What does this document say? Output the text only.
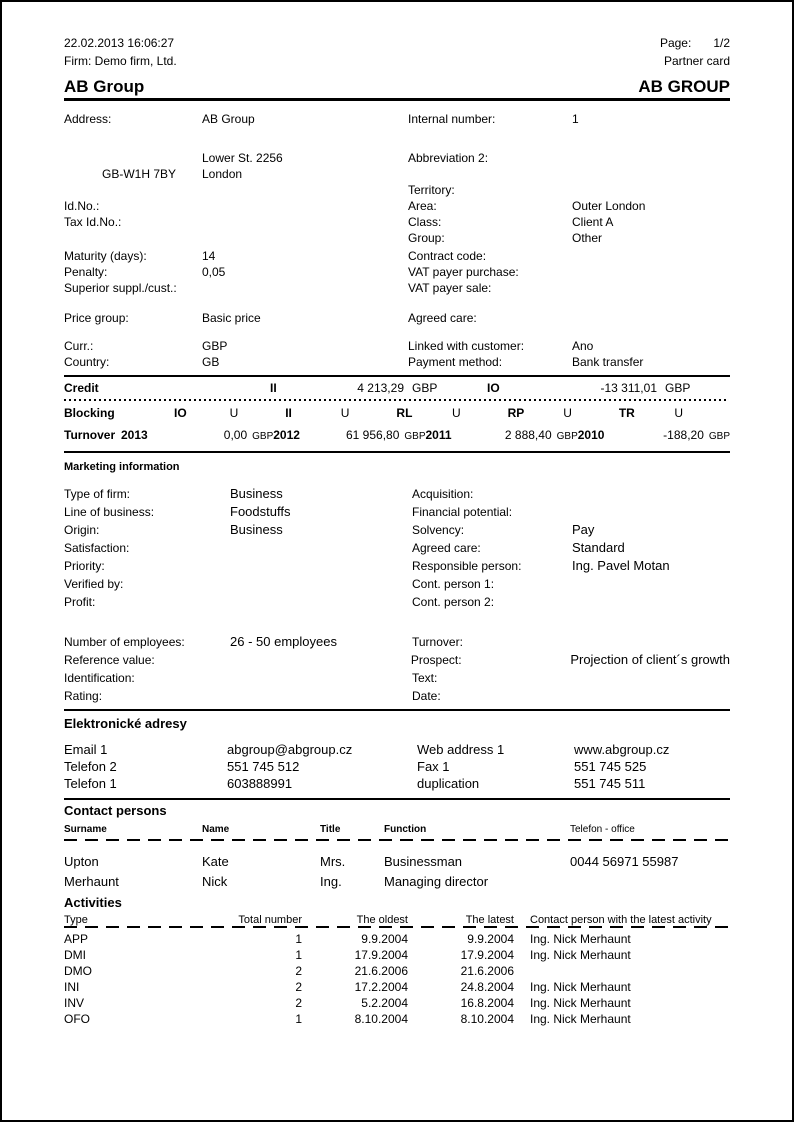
22.02.2013 16:06:27	Page: 1/2
Firm: Demo firm, Ltd.	Partner card
AB Group	AB GROUP
Address:	AB Group	Internal number:	1
Lower St. 2256	Abbreviation 2:
GB-W1H 7BY	London
Territory:
Id.No.:	Area:	Outer London
Tax Id.No.:	Class:	Client A
Group:	Other
Maturity (days):	14	Contract code:
Penalty:	0,05	VAT payer purchase:
Superior suppl./cust.:	VAT payer sale:
Price group:	Basic price	Agreed care:
Curr.:	GBP	Linked with customer:	Ano
Country:	GB	Payment method:	Bank transfer
Credit	II	4 213,29 GBP	IO	-13 311,01 GBP
Blocking	IO	U	II	U	RL	U	RP	U	TR	U
Turnover 2013	0,00 GBP 2012	61 956,80 GBP 2011	2 888,40 GBP 2010	-188,20 GBP
Marketing information
Type of firm:	Business	Acquisition:
Line of business:	Foodstuffs	Financial potential:
Origin:	Business	Solvency:	Pay
Satisfaction:	Agreed care:	Standard
Priority:	Responsible person:	Ing. Pavel Motan
Verified by:	Cont. person 1:
Profit:	Cont. person 2:
Number of employees:	26 - 50 employees	Turnover:
Reference value:	Prospect:	Projection of client´s growth
Identification:	Text:
Rating:	Date:
Elektronické adresy
Email 1	abgroup@abgroup.cz	Web address 1	www.abgroup.cz
Telefon 2	551 745 512	Fax 1	551 745 525
Telefon 1	603888991	duplication	551 745 511
Contact persons
Surname	Name	Title	Function	Telefon - office
Upton	Kate	Mrs.	Businessman	0044 56971 55987
Merhaunt	Nick	Ing.	Managing director
Activities
Type	Total number	The oldest	The latest	Contact person with the latest activity
APP	1	9.9.2004	9.9.2004	Ing. Nick Merhaunt
DMI	1	17.9.2004	17.9.2004	Ing. Nick Merhaunt
DMO	2	21.6.2006	21.6.2006
INI	2	17.2.2004	24.8.2004	Ing. Nick Merhaunt
INV	2	5.2.2004	16.8.2004	Ing. Nick Merhaunt
OFO	1	8.10.2004	8.10.2004	Ing. Nick Merhaunt
